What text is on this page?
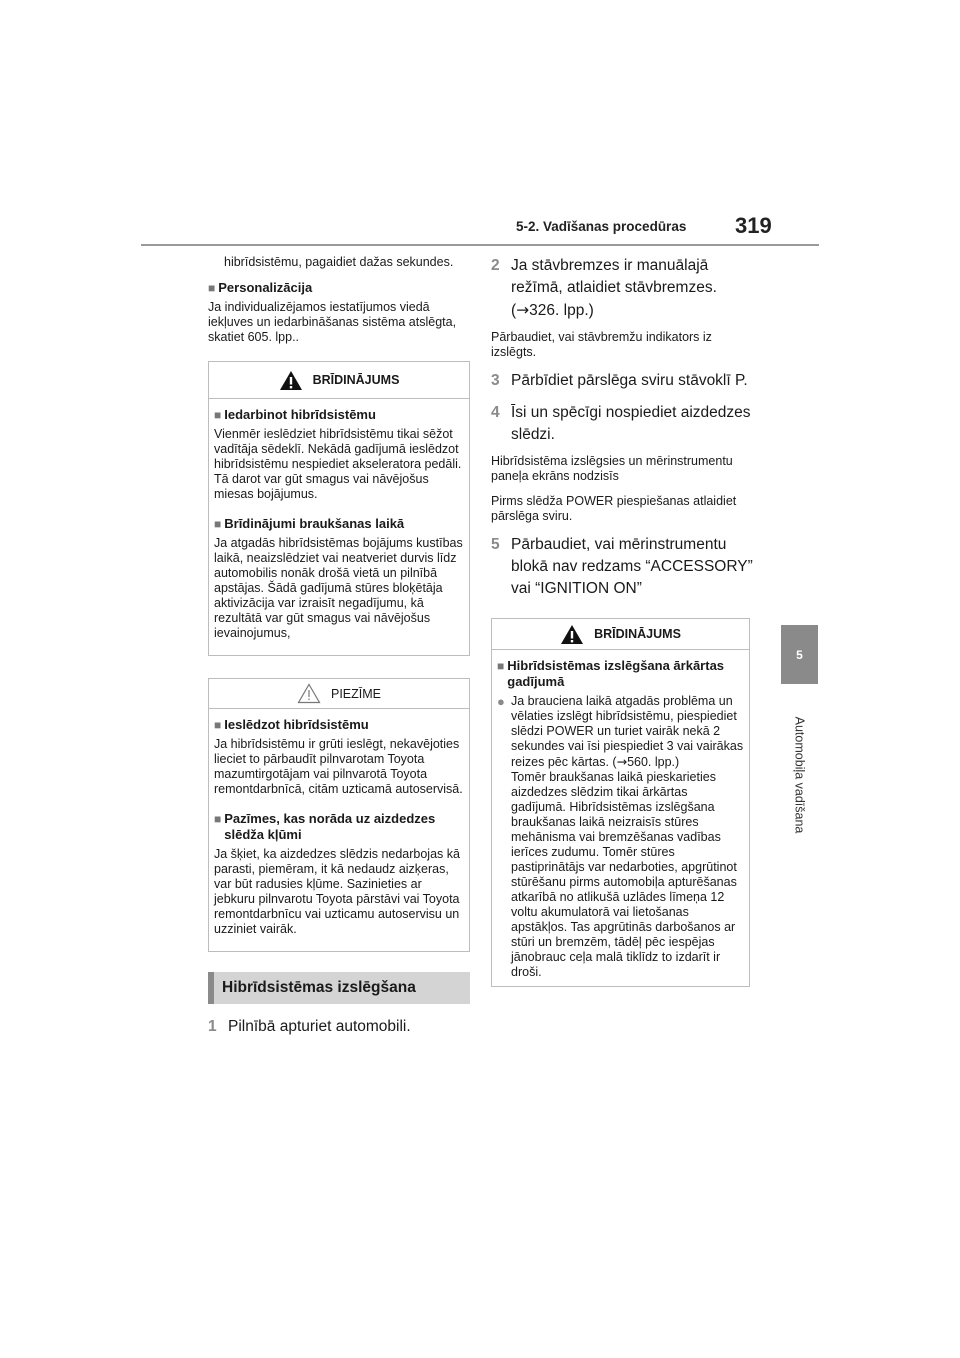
5-2. Vadīšanas procedūras 319
5
Automobiļa vadīšana

hibrīdsistēmu, pagaidiet dažas sekundes.

■ Personalizācija

Ja individualizējamos iestatījumos viedā iekļuves un iedarbināšanas sistēma atslēgta, skatiet 605. lpp..

BRĪDINĀJUMS
■ Iedarbinot hibrīdsistēmu

Vienmēr ieslēdziet hibrīdsistēmu tikai sēžot vadītāja sēdeklī. Nekādā gadījumā ieslēdzot hibrīdsistēmu nespiediet akseleratora pedāli. Tā darot var gūt smagus vai nāvējošus miesas bojājumus.

■ Brīdinājumi braukšanas laikā

Ja atgadās hibrīdsistēmas bojājums kustības laikā, neaizslēdziet vai neatveriet durvis līdz automobilis nonāk drošā vietā un pilnībā apstājas. Šādā gadījumā stūres bloķētāja aktivizācija var izraisīt negadījumu, kā rezultātā var gūt smagus vai nāvējošus ievainojumus,

PIEZĪME
■ Ieslēdzot hibrīdsistēmu

Ja hibrīdsistēmu ir grūti ieslēgt, nekavējoties lieciet to pārbaudīt pilnvarotam Toyota mazumtirgotājam vai pilnvarotā Toyota remontdarbnīcā, citām uzticamā autoservisā.

■ Pazīmes, kas norāda uz aizdedzes slēdža kļūmi

Ja šķiet, ka aizdedzes slēdzis nedarbojas kā parasti, piemēram, it kā nedaudz aizķeras, var būt radusies kļūme. Sazinieties ar jebkuru pilnvarotu Toyota pārstāvi vai Toyota remontdarbnīcu vai uzticamu autoservisu un uzziniet vairāk.

Hibrīdsistēmas izslēgšana
1 Pilnībā apturiet automobili.
2 Ja stāvbremzes ir manuālajā režīmā, atlaidiet stāvbremzes.
(→326. lpp.)

Pārbaudiet, vai stāvbremžu indikators iz izslēgts.

3 Pārbīdiet pārslēga sviru stāvoklī P.
4 Īsi un spēcīgi nospiediet aizdedzes slēdzi.

Hibrīdsistēma izslēgsies un mērinstrumentu paneļa ekrāns nodzisīs

Pirms slēdža POWER piespiešanas atlaidiet pārslēga sviru.

5 Pārbaudiet, vai mērinstrumentu blokā nav redzams “ACCESSORY” vai “IGNITION ON”
BRĪDINĀJUMS
■ Hibrīdsistēmas izslēgšana ārkārtas gadījumā
● Ja brauciena laikā atgadās problēma un vēlaties izslēgt hibrīdsistēmu, piespiediet slēdzi POWER un turiet vairāk nekā 2 sekundes vai īsi piespiediet 3 vai vairākas reizes pēc kārtas. (→560. lpp.)
Tomēr braukšanas laikā pieskarieties aizdedzes slēdzim tikai ārkārtas gadījumā. Hibrīdsistēmas izslēgšana braukšanas laikā neizraisīs stūres mehānisma vai bremzēšanas vadības ierīces zudumu. Tomēr stūres pastiprinātājs var nedarboties, apgrūtinot stūrēšanu pirms automobiļa apturēšanas atkarībā no atlikušā uzlādes līmeņa 12 voltu akumulatorā vai lietošanas apstākļos. Tas apgrūtinās darbošanos ar stūri un bremzēm, tādēļ pēc iespējas jānobrauc ceļa malā tiklīdz to izdarīt ir droši.
